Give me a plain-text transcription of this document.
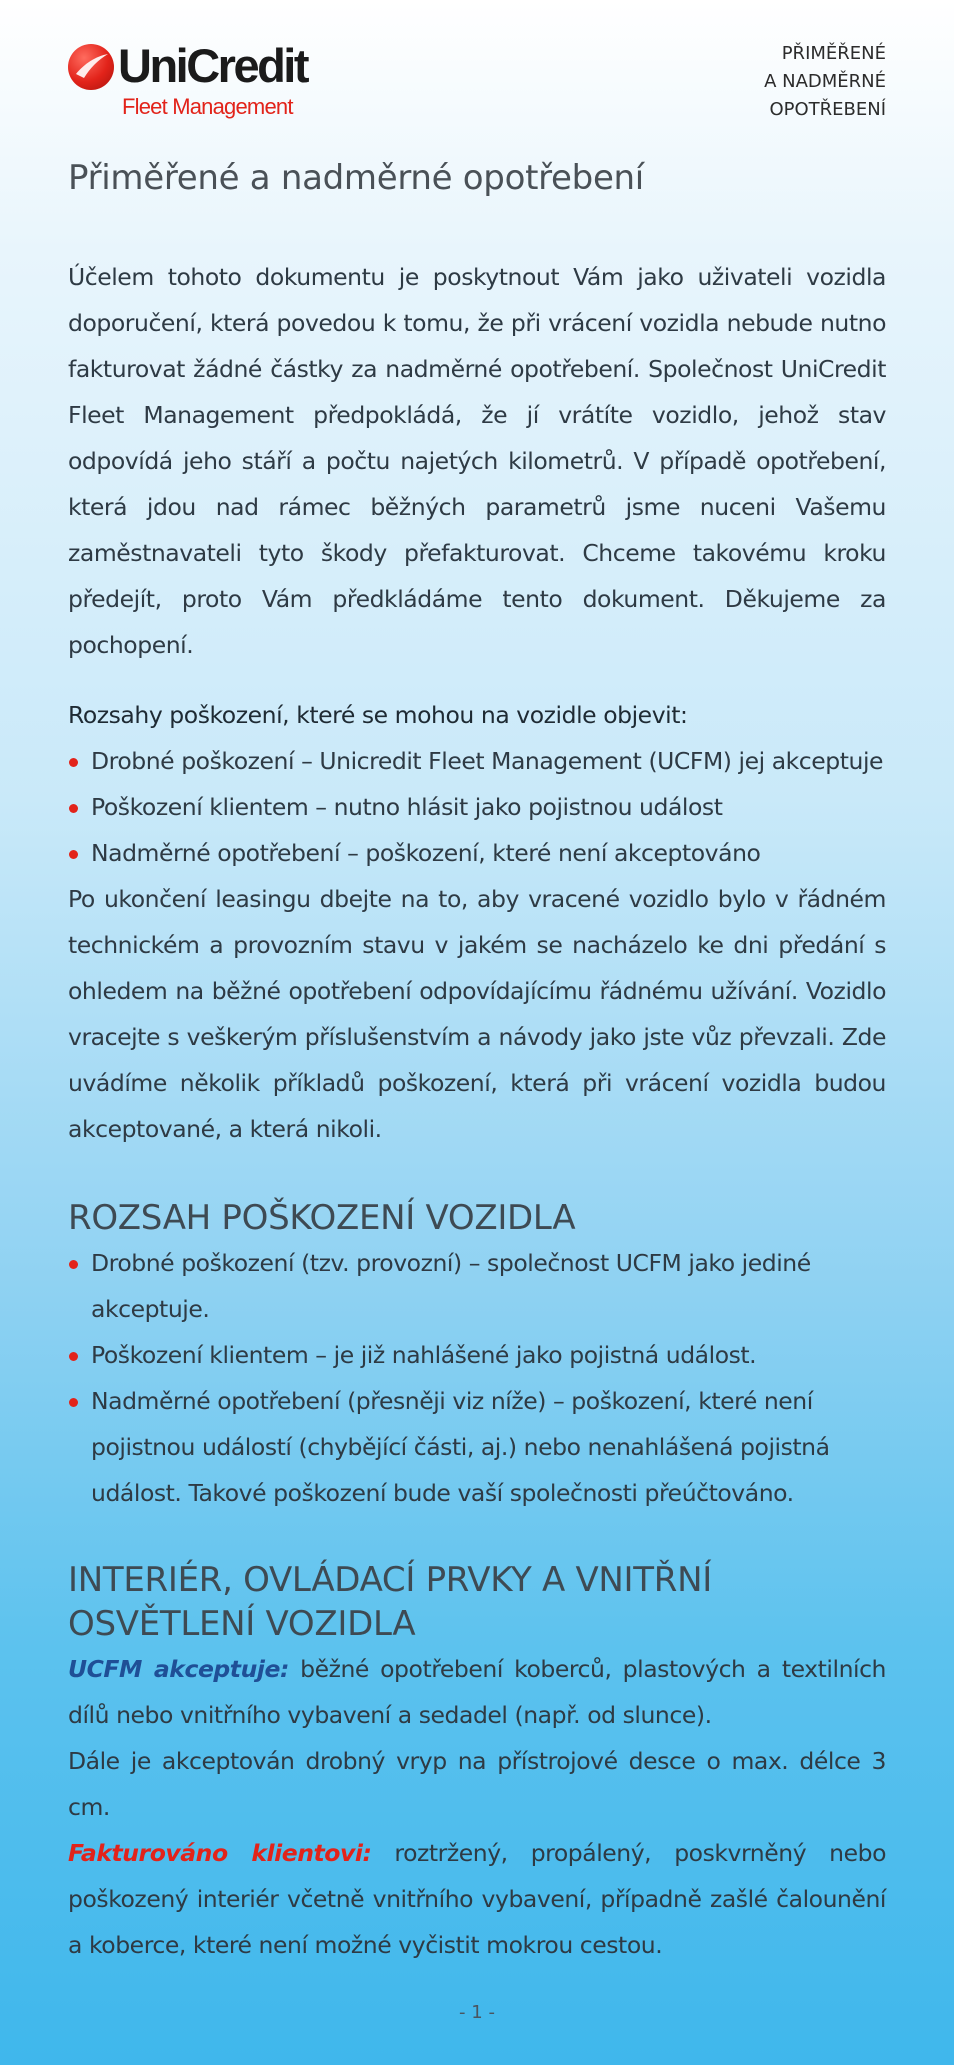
UniCredit
Fleet Management
PŘIMĚŘENÉ
A NADMĚRNÉ
OPOTŘEBENÍ
Přiměřené a nadměrné opotřebení

Účelem tohoto dokumentu je poskytnout Vám jako uživateli vozidla doporučení, která povedou k tomu, že při vrácení vozidla nebude nutno fakturovat žádné částky za nadměrné opotřebení. Společnost UniCredit Fleet Management předpokládá, že jí vrátíte vozidlo, jehož stav odpovídá jeho stáří a počtu najetých kilometrů. V případě opotřebení, která jdou nad rámec běžných parametrů jsme nuceni Vašemu zaměstnavateli tyto škody přefakturovat. Chceme takovému kroku předejít, proto Vám předkládáme tento dokument. Děkujeme za pochopení.

Rozsahy poškození, které se mohou na vozidle objevit:
Drobné poškození – Unicredit Fleet Management (UCFM) jej akceptuje
Poškození klientem – nutno hlásit jako pojistnou událost
Nadměrné opotřebení – poškození, které není akceptováno

Po ukončení leasingu dbejte na to, aby vracené vozidlo bylo v řádném technickém a provozním stavu v jakém se nacházelo ke dni předání s ohledem na běžné opotřebení odpovídajícímu řádnému užívání. Vozidlo vracejte s veškerým příslušenstvím a návody jako jste vůz převzali. Zde uvádíme několik příkladů poškození, která při vrácení vozidla budou akceptované, a která nikoli.

ROZSAH POŠKOZENÍ VOZIDLA
Drobné poškození (tzv. provozní) – společnost UCFM jako jediné akceptuje.
Poškození klientem – je již nahlášené jako pojistná událost.
Nadměrné opotřebení (přesněji viz níže) – poškození, které není pojistnou událostí (chybějící části, aj.) nebo nenahlášená pojistná událost. Takové poškození bude vaší společnosti přeúčtováno.
INTERIÉR, OVLÁDACÍ PRVKY A VNITŘNÍ OSVĚTLENÍ VOZIDLA

UCFM akceptuje: běžné opotřebení koberců, plastových a textilních dílů nebo vnitřního vybavení a sedadel (např. od slunce).

Dále je akceptován drobný vryp na přístrojové desce o max. délce 3 cm.

Fakturováno klientovi: roztržený, propálený, poskvrněný nebo poškozený interiér včetně vnitřního vybavení, případně zašlé čalounění a koberce, které není možné vyčistit mokrou cestou.

- 1 -
